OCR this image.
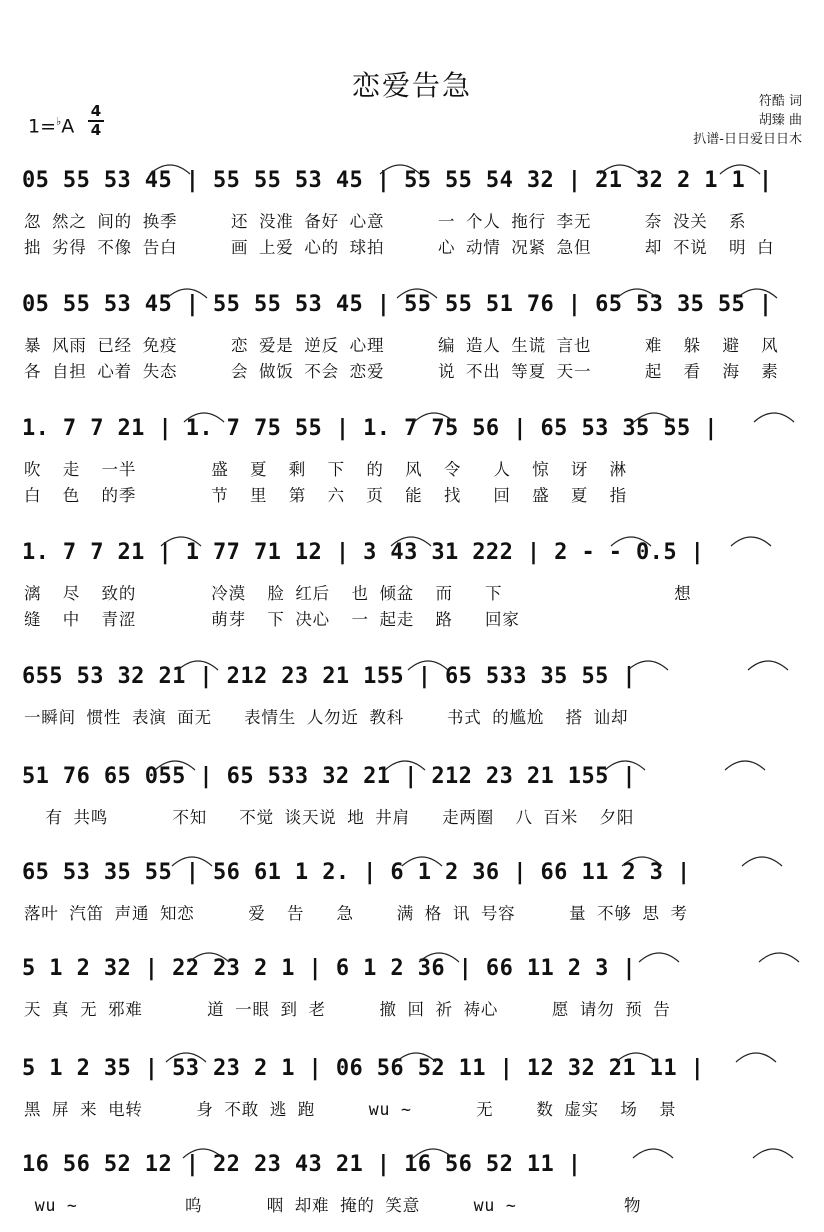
恋爱告急
1=♭A
4
4
符酷 词
胡臻 曲
扒谱-日日爱日日木
05 55 53 45 | 55 55 53 45 | 55 55 54 32 | 21 32 2 1 1 |
忽 然之 间的 换季     还 没准 备好 心意     一 个人 拖行 李无     奈 没关  系
拙 劣得 不像 告白     画 上爱 心的 球拍     心 动情 况紧 急但     却 不说  明 白
05 55 53 45 | 55 55 53 45 | 55 55 51 76 | 65 53 35 55 |
暴 风雨 已经 免疫     恋 爱是 逆反 心理     编 造人 生谎 言也     难  躲  避  风
各 自担 心着 失态     会 做饭 不会 恋爱     说 不出 等夏 天一     起  看  海  素
1. 7 7 21 | 1. 7 75 55 | 1. 7 75 56 | 65 53 35 55 |
吹  走  一半       盛  夏  剩  下  的  风  令   人  惊  讶  淋
白  色  的季       节  里  第  六  页  能  找   回  盛  夏  指
1. 7 7 21 | 1 77 71 12 | 3 43 31 222 | 2 - - 0.5 |
漓  尽  致的       冷漠  脸 红后  也 倾盆  而   下                想
缝  中  青涩       萌芽  下 决心  一 起走  路   回家
655 53 32 21 | 212 23 21 155 | 65 533 35 55 |
一瞬间 惯性 表演 面无   表情生 人勿近 教科    书式 的尴尬  搭 讪却
51 76 65 055 | 65 533 32 21 | 212 23 21 155 |
有 共鸣      不知   不觉 谈天说 地 井肩   走两圈  八 百米  夕阳
65 53 35 55 | 56 61 1 2. | 6 1 2 36 | 66 11 2 3 |
落叶 汽笛 声通 知恋     爱  告   急    满 格 讯 号容     量 不够 思 考
5 1 2 32 | 22 23 2 1 | 6 1 2 36 | 66 11 2 3 |
天 真 无 邪难      道 一眼 到 老     撤 回 祈 祷心     愿 请勿 预 告
5 1 2 35 | 53 23 2 1 | 06 56 52 11 | 12 32 21 11 |
黑 屏 来 电转     身 不敢 逃 跑     wu ~      无    数 虚实  场  景
16 56 52 12 | 22 23 43 21 | 16 56 52 11 |
wu ~          呜      咽 却难 掩的 笑意     wu ~          物
